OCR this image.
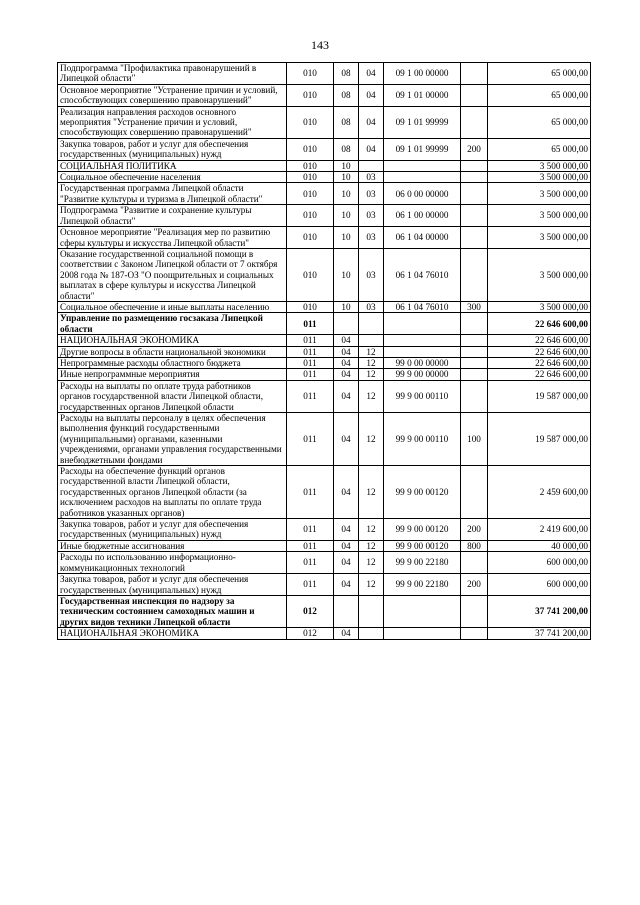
143
Подпрограмма "Профилактика правонарушений в Липецкой области"	010	08	04	09 1 00 00000		65 000,00
Основное мероприятие "Устранение причин и условий, способствующих совершению правонарушений"	010	08	04	09 1 01 00000		65 000,00
Реализация направления расходов основного мероприятия "Устранение причин и условий, способствующих совершению правонарушений"	010	08	04	09 1 01 99999		65 000,00
Закупка товаров, работ и услуг для обеспечения государственных (муниципальных) нужд	010	08	04	09 1 01 99999	200	65 000,00
СОЦИАЛЬНАЯ ПОЛИТИКА	010	10				3 500 000,00
Социальное обеспечение населения	010	10	03			3 500 000,00
Государственная программа Липецкой области "Развитие культуры и туризма в Липецкой области"	010	10	03	06 0 00 00000		3 500 000,00
Подпрограмма "Развитие и сохранение культуры Липецкой области"	010	10	03	06 1 00 00000		3 500 000,00
Основное мероприятие "Реализация мер по развитию сферы культуры и искусства Липецкой области"	010	10	03	06 1 04 00000		3 500 000,00
Оказание государственной социальной помощи в соответствии с Законом Липецкой области от 7 октября 2008 года № 187-ОЗ "О поощрительных и социальных выплатах в сфере культуры и искусства Липецкой области"	010	10	03	06 1 04 76010		3 500 000,00
Социальное обеспечение и иные выплаты населению	010	10	03	06 1 04 76010	300	3 500 000,00
Управление по размещению госзаказа Липецкой области	011					22 646 600,00
НАЦИОНАЛЬНАЯ ЭКОНОМИКА	011	04				22 646 600,00
Другие вопросы в области национальной экономики	011	04	12			22 646 600,00
Непрограммные расходы областного бюджета	011	04	12	99 0 00 00000		22 646 600,00
Иные непрограммные мероприятия	011	04	12	99 9 00 00000		22 646 600,00
Расходы на выплаты по оплате труда работников органов государственной власти Липецкой области, государственных органов Липецкой области	011	04	12	99 9 00 00110		19 587 000,00
Расходы на выплаты персоналу в целях обеспечения выполнения функций государственными (муниципальными) органами, казенными учреждениями, органами управления государственными внебюджетными фондами	011	04	12	99 9 00 00110	100	19 587 000,00
Расходы на обеспечение функций органов государственной власти Липецкой области, государственных органов Липецкой области (за исключением расходов на выплаты по оплате труда работников указанных органов)	011	04	12	99 9 00 00120		2 459 600,00
Закупка товаров, работ и услуг для обеспечения государственных (муниципальных) нужд	011	04	12	99 9 00 00120	200	2 419 600,00
Иные бюджетные ассигнования	011	04	12	99 9 00 00120	800	40 000,00
Расходы по использованию информационно-коммуникационных технологий	011	04	12	99 9 00 22180		600 000,00
Закупка товаров, работ и услуг для обеспечения государственных (муниципальных) нужд	011	04	12	99 9 00 22180	200	600 000,00
Государственная инспекция по надзору за техническим состоянием самоходных машин и других видов техники Липецкой области	012					37 741 200,00
НАЦИОНАЛЬНАЯ ЭКОНОМИКА	012	04				37 741 200,00
